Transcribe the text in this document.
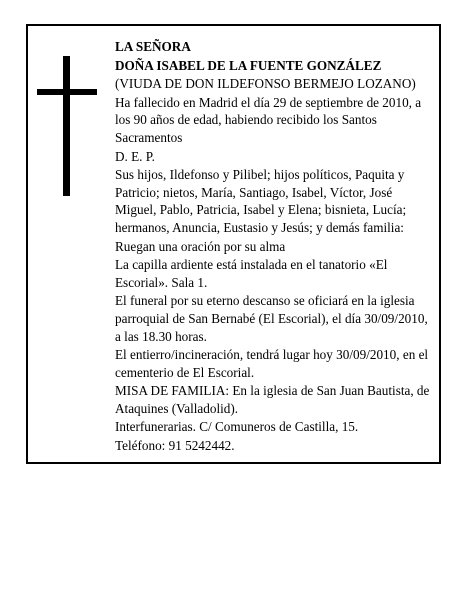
LA SEÑORA

DOÑA ISABEL DE LA FUENTE GONZÁLEZ

(VIUDA DE DON ILDEFONSO BERMEJO LOZANO)

Ha fallecido en Madrid el día 29 de septiembre de 2010, a los 90 años de edad, habiendo recibido los Santos Sacramentos

D. E. P.

Sus hijos, Ildefonso y Pilibel; hijos políticos, Paquita y Patricio; nietos, María, Santiago, Isabel, Víctor, José Miguel, Pablo, Patricia, Isabel y Elena; bisnieta, Lucía; hermanos, Anuncia, Eustasio y Jesús; y demás familia:

Ruegan una oración por su alma

La capilla ardiente está instalada en el tanatorio «El Escorial». Sala 1.

El funeral por su eterno descanso se oficiará en la iglesia parroquial de San Bernabé (El Escorial), el día 30/09/2010, a las 18.30 horas.

El entierro/incineración, tendrá lugar hoy 30/09/2010, en el cementerio de El Escorial.

MISA DE FAMILIA: En la iglesia de San Juan Bautista, de Ataquines (Valladolid).

Interfunerarias. C/ Comuneros de Castilla, 15.

Teléfono: 91 5242442.
